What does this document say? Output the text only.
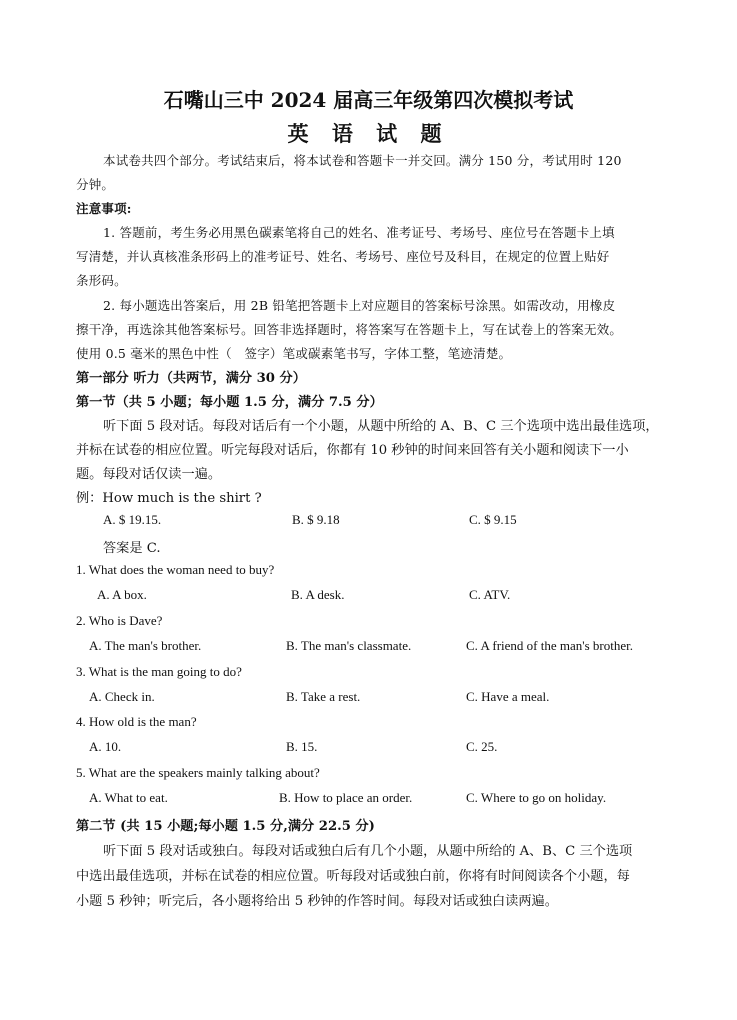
石嘴山三中 2024 届高三年级第四次模拟考试
英 语 试 题
本试卷共四个部分。考试结束后，将本试卷和答题卡一并交回。满分 150 分，考试用时 120
分钟。
注意事项:
1. 答题前，考生务必用黑色碳素笔将自己的姓名、准考证号、考场号、座位号在答题卡上填
写清楚，并认真核准条形码上的准考证号、姓名、考场号、座位号及科目，在规定的位置上贴好
条形码。
2. 每小题选出答案后，用 2B 铅笔把答题卡上对应题目的答案标号涂黑。如需改动，用橡皮
擦干净，再选涂其他答案标号。回答非选择题时，将答案写在答题卡上，写在试卷上的答案无效。
使用 0.5 毫米的黑色中性（　签字）笔或碳素笔书写，字体工整，笔迹清楚。
第一部分 听力（共两节，满分 30 分）
第一节（共 5 小题；每小题 1.5 分，满分 7.5 分）
听下面 5 段对话。每段对话后有一个小题，从题中所给的 A、B、C 三个选项中选出最佳选项，
并标在试卷的相应位置。听完每段对话后，你都有 10 秒钟的时间来回答有关小题和阅读下一小
题。每段对话仅读一遍。
例：How much is the shirt ?
A. $ 19.15.	B. $ 9.18	C. $ 9.15
答案是 C.
1. What does the woman need to buy?
A. A box.	B. A desk.	C. ATV.
2. Who is Dave?
A. The man's brother.	B. The man's classmate.	C. A friend of the man's brother.
3. What is the man going to do?
A. Check in.	B. Take a rest.	C. Have a meal.
4. How old is the man?
A. 10.	B. 15.	C. 25.
5. What are the speakers mainly talking about?
A. What to eat.	B. How to place an order.	C. Where to go on holiday.
第二节 (共 15 小题;每小题 1.5 分,满分 22.5 分)
听下面 5 段对话或独白。每段对话或独白后有几个小题，从题中所给的 A、B、C 三个选项
中选出最佳选项，并标在试卷的相应位置。听每段对话或独白前，你将有时间阅读各个小题，每
小题 5 秒钟；听完后，各小题将给出 5 秒钟的作答时间。每段对话或独白读两遍。
